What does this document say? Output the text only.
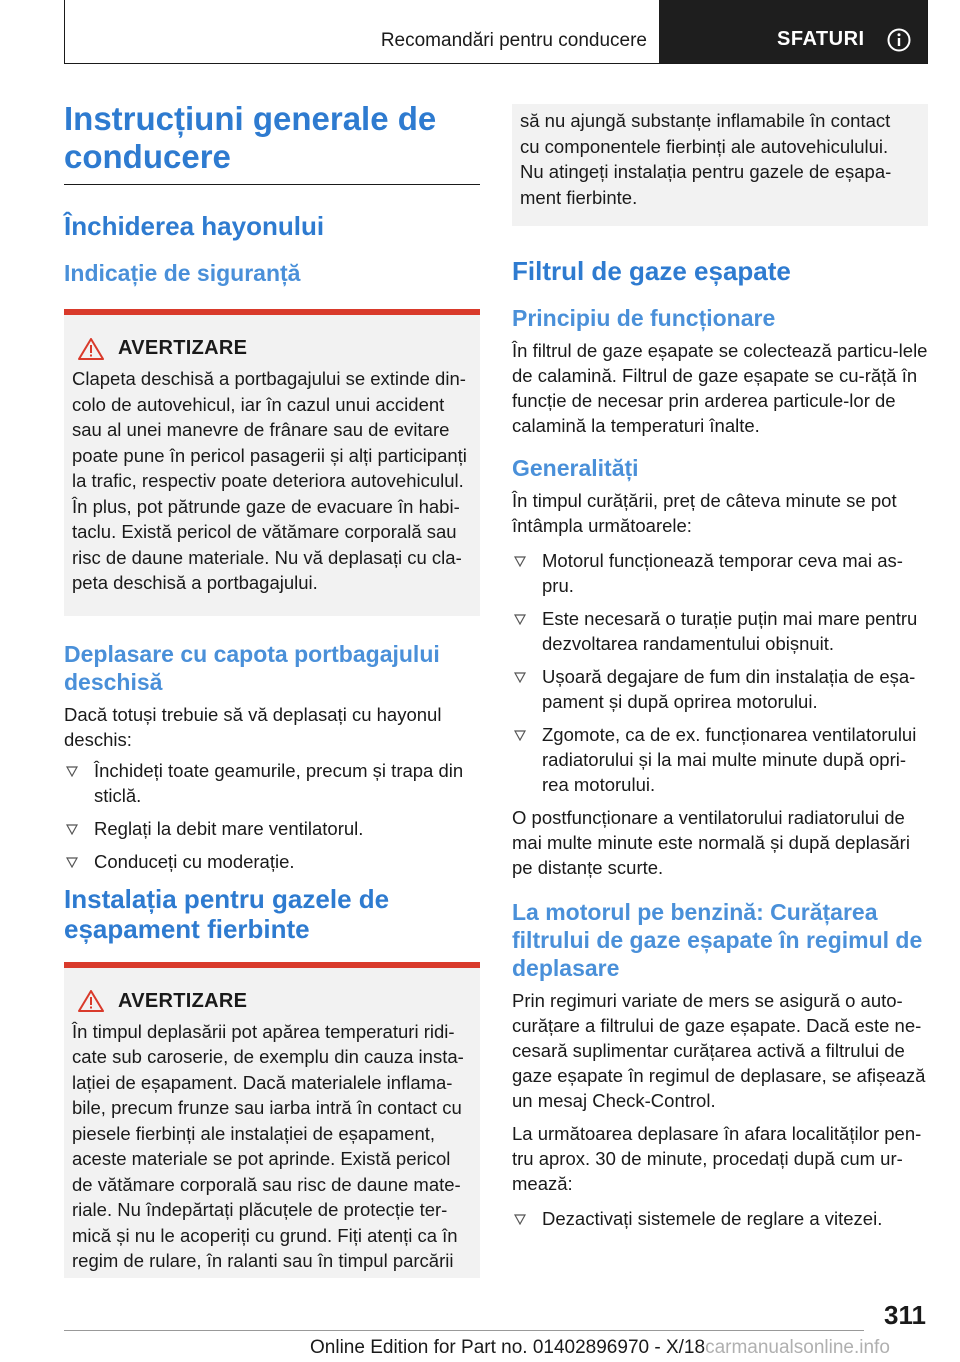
Recomandări pentru conducere	SFATURI
Instrucțiuni generale de conducere
Închiderea hayonului
Indicație de siguranță
AVERTIZARE

Clapeta deschisă a portbagajului se extinde din-

colo de autovehicul, iar în cazul unui accident

sau al unei manevre de frânare sau de evitare

poate pune în pericol pasagerii și alți participanți

la trafic, respectiv poate deteriora autovehiculul.

În plus, pot pătrunde gaze de evacuare în habi-

taclu. Există pericol de vătămare corporală sau

risc de daune materiale. Nu vă deplasați cu cla-

peta deschisă a portbagajului.

Deplasare cu capota portbagajului deschisă

Dacă totuși trebuie să vă deplasați cu hayonul deschis:

Închideți toate geamurile, precum și trapa din sticlă.
Reglați la debit mare ventilatorul.
Conduceți cu moderație.
Instalația pentru gazele de eșapament fierbinte
AVERTIZARE

În timpul deplasării pot apărea temperaturi ridi-

cate sub caroserie, de exemplu din cauza insta-

lației de eșapament. Dacă materialele inflama-

bile, precum frunze sau iarba intră în contact cu

piesele fierbinți ale instalației de eșapament,

aceste materiale se pot aprinde. Există pericol

de vătămare corporală sau risc de daune mate-

riale. Nu îndepărtați plăcuțele de protecție ter-

mică și nu le acoperiți cu grund. Fiți atenți ca în

regim de rulare, în ralanti sau în timpul parcării

să nu ajungă substanțe inflamabile în contact

cu componentele fierbinți ale autovehiculului.

Nu atingeți instalația pentru gazele de eșapa-

ment fierbinte.

Filtrul de gaze eșapate
Principiu de funcționare

În filtrul de gaze eșapate se colectează particu-lele de calamină. Filtrul de gaze eșapate se cu-răță în funcție de necesar prin arderea particule-lor de calamină la temperaturi înalte.

Generalități

În timpul curățării, preț de câteva minute se pot întâmpla următoarele:

Motorul funcționează temporar ceva mai as-pru.
Este necesară o turație puțin mai mare pentru dezvoltarea randamentului obișnuit.
Ușoară degajare de fum din instalația de eșa-pament și după oprirea motorului.
Zgomote, ca de ex. funcționarea ventilatorului radiatorului și la mai multe minute după opri-rea motorului.

O postfuncționare a ventilatorului radiatorului de mai multe minute este normală și după deplasări pe distanțe scurte.

La motorul pe benzină: Curățarea filtrului de gaze eșapate în regimul de deplasare

Prin regimuri variate de mers se asigură o auto-curățare a filtrului de gaze eșapate. Dacă este ne-cesară suplimentar curățarea activă a filtrului de gaze eșapate în regimul de deplasare, se afișează un mesaj Check-Control.

La următoarea deplasare în afara localităților pen-tru aprox. 30 de minute, procedați după cum ur-mează:

Dezactivați sistemele de reglare a vitezei.
311
Online Edition for Part no. 01402896970 - X/18carmanualsonline.info
